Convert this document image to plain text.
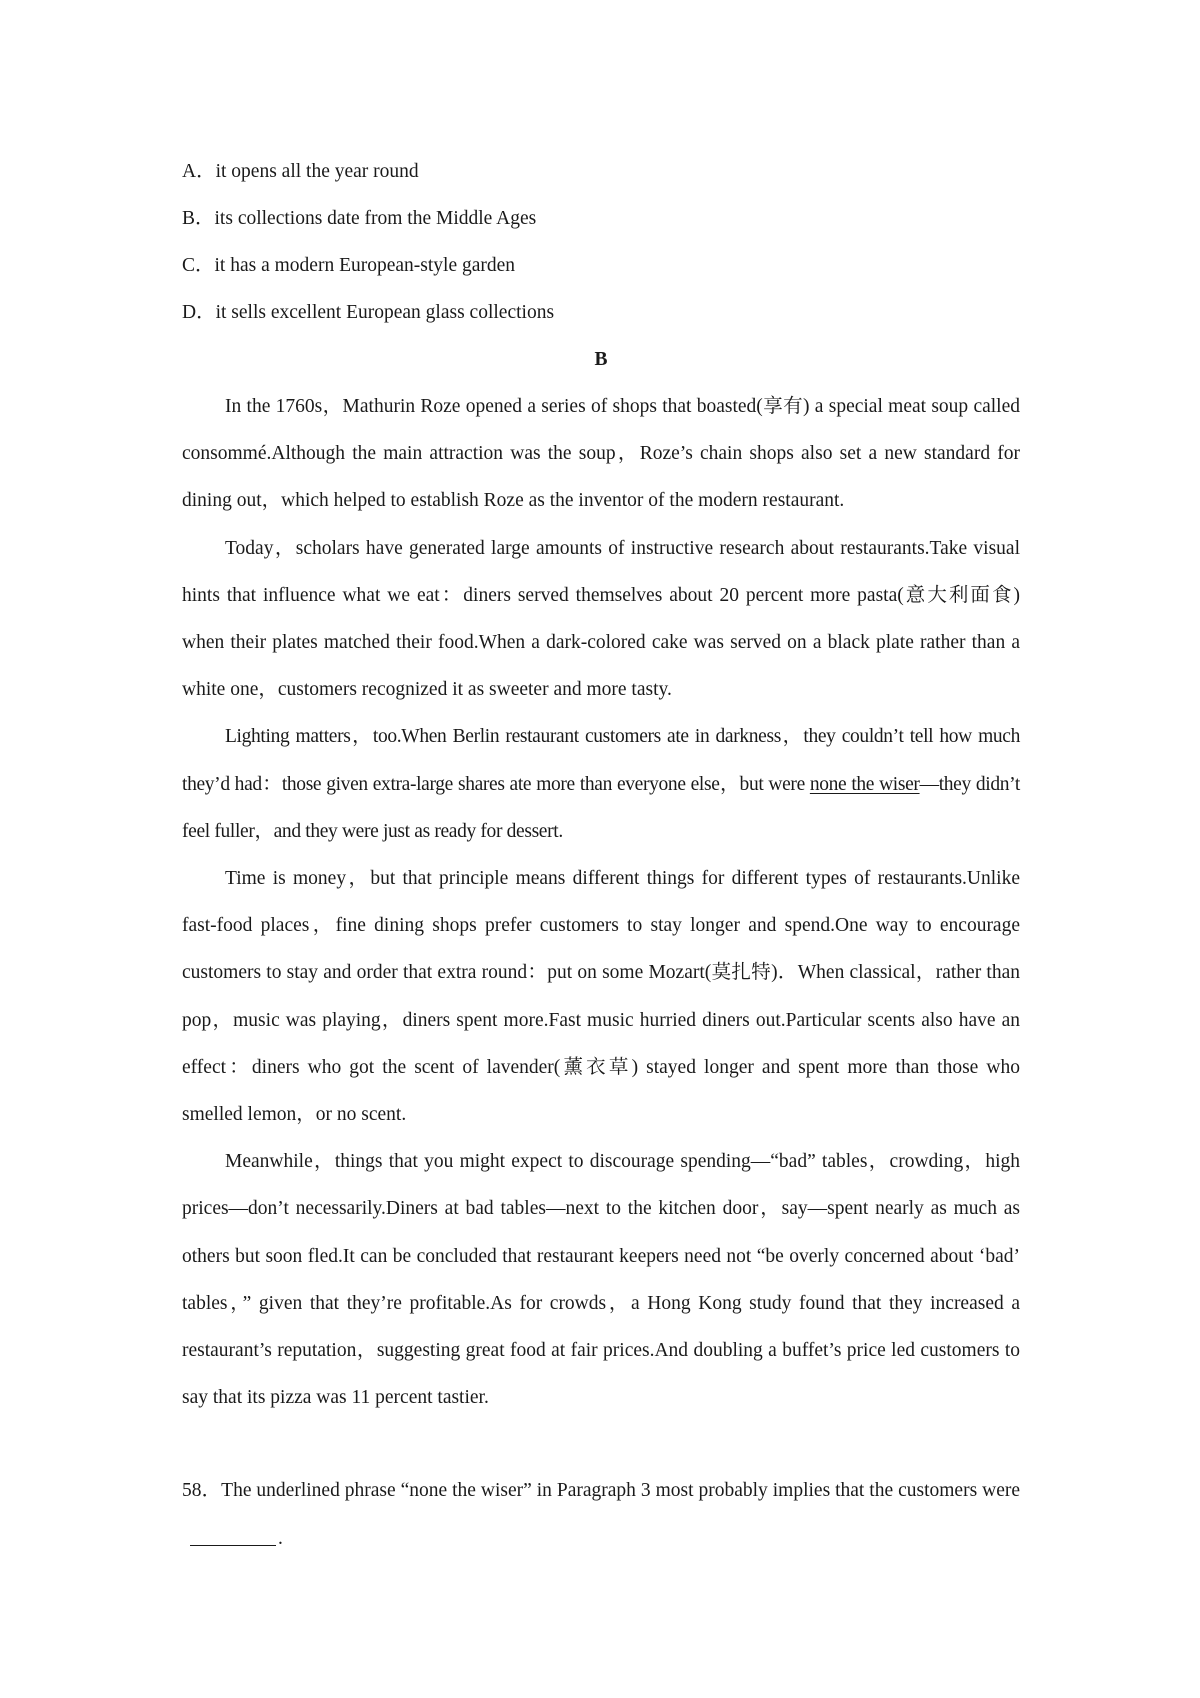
A．it opens all the year round
B．its collections date from the Middle Ages
C．it has a modern European-style garden
D．it sells excellent European glass collections
B

In the 1760s，Mathurin Roze opened a series of shops that boasted(享有) a special meat soup called consommé.Although the main attraction was the soup，Roze’s chain shops also set a new standard for dining out，which helped to establish Roze as the inventor of the modern restaurant.

Today，scholars have generated large amounts of instructive research about restaurants.Take visual hints that influence what we eat：diners served themselves about 20 percent more pasta(意大利面食) when their plates matched their food.When a dark-colored cake was served on a black plate rather than a white one，customers recognized it as sweeter and more tasty.

Lighting matters，too.When Berlin restaurant customers ate in darkness，they couldn’t tell how much they’d had：those given extra-large shares ate more than everyone else，but were none the wiser—they didn’t feel fuller，and they were just as ready for dessert.

Time is money，but that principle means different things for different types of restaurants.Unlike fast-food places，fine dining shops prefer customers to stay longer and spend.One way to encourage customers to stay and order that extra round：put on some Mozart(莫扎特)．When classical，rather than pop，music was playing，diners spent more.Fast music hurried diners out.Particular scents also have an effect：diners who got the scent of lavender(薰衣草) stayed longer and spent more than those who smelled lemon，or no scent.

Meanwhile，things that you might expect to discourage spending—“bad” tables，crowding，high prices—don’t necessarily.Diners at bad tables—next to the kitchen door，say—spent nearly as much as others but soon fled.It can be concluded that restaurant keepers need not “be overly concerned about ‘bad’ tables，” given that they’re profitable.As for crowds，a Hong Kong study found that they increased a restaurant’s reputation，suggesting great food at fair prices.And doubling a buffet’s price led customers to say that its pizza was 11 percent tastier.

58．The underlined phrase “none the wiser” in Paragraph 3 most probably implies that the customers were.
